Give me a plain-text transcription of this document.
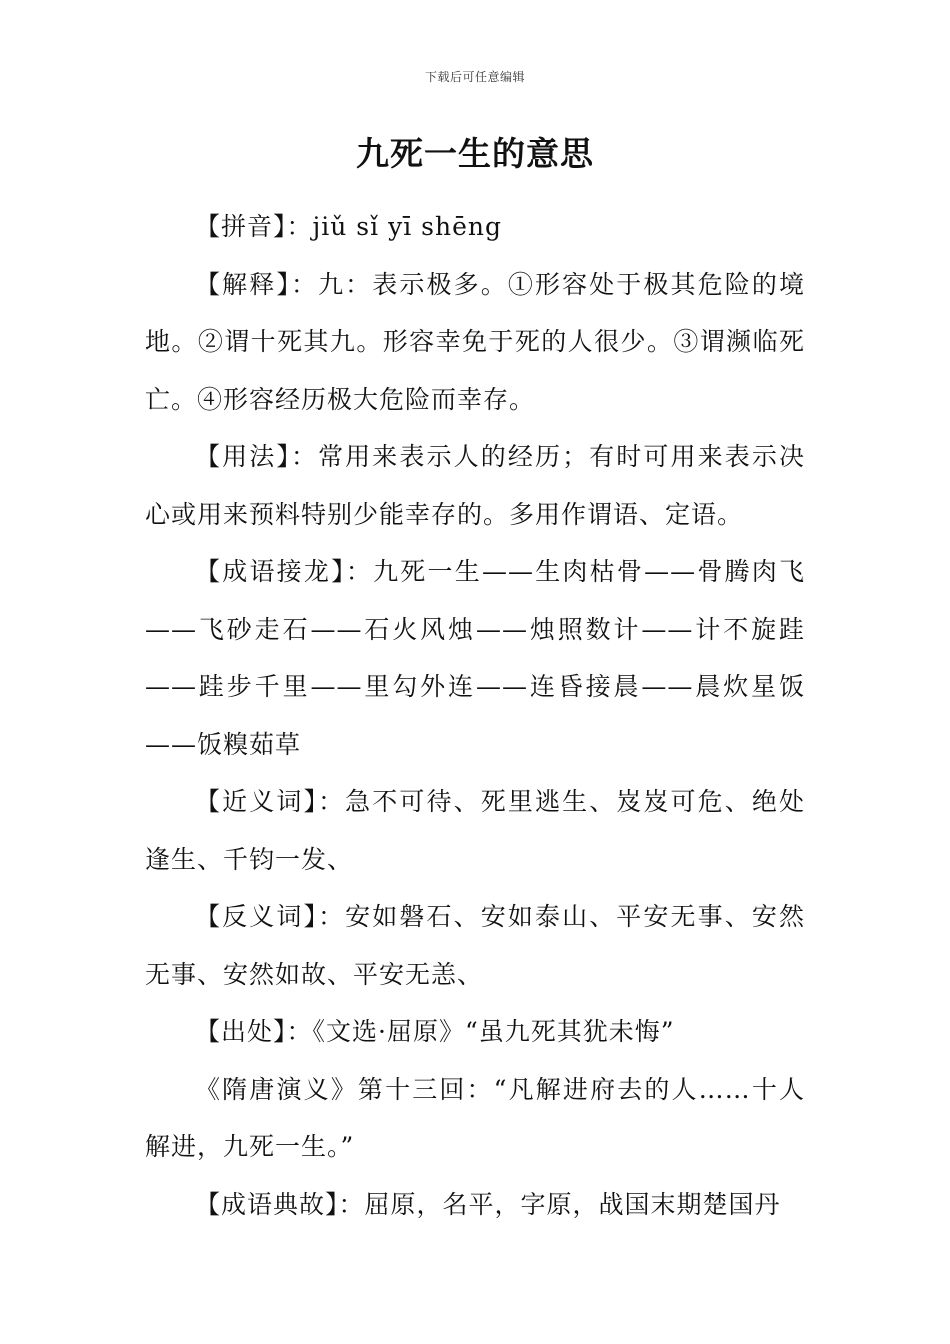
下载后可任意编辑
九死一生的意思

【拼音】：jiǔ sǐ yī shēng

【解释】：九：表示极多。①形容处于极其危险的境地。②谓十死其九。形容幸免于死的人很少。③谓濒临死亡。④形容经历极大危险而幸存。

【用法】：常用来表示人的经历；有时可用来表示决心或用来预料特别少能幸存的。多用作谓语、定语。

【成语接龙】：九死一生——生肉枯骨——骨腾肉飞——飞砂走石——石火风烛——烛照数计——计不旋跬——跬步千里——里勾外连——连昏接晨——晨炊星饭——饭糗茹草

【近义词】：急不可待、死里逃生、岌岌可危、绝处逢生、千钧一发、

【反义词】：安如磐石、安如泰山、平安无事、安然无事、安然如故、平安无恙、

【出处】：《文选·屈原》“虽九死其犹未悔”

《隋唐演义》第十三回：“凡解进府去的人……十人解进，九死一生。”

【成语典故】：屈原，名平，字原，战国末期楚国丹
